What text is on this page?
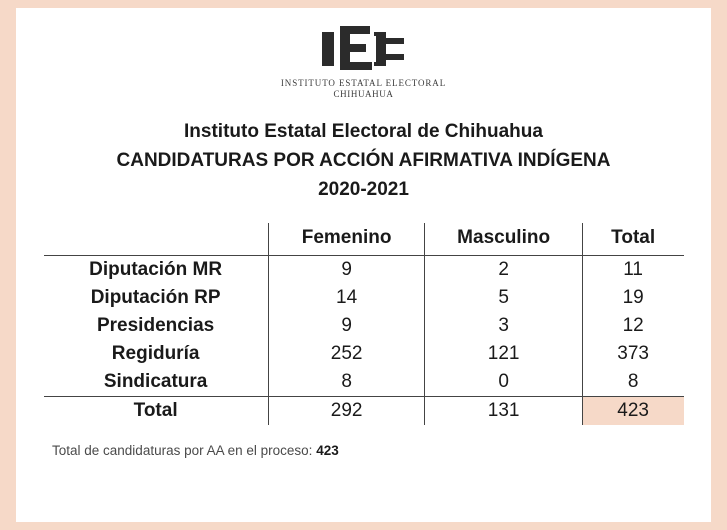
INSTITUTO ESTATAL ELECTORAL
CHIHUAHUA
Instituto Estatal Electoral de Chihuahua
CANDIDATURAS POR ACCIÓN AFIRMATIVA INDÍGENA
2020-2021
	Femenino	Masculino	Total
Diputación MR	9	2	11
Diputación RP	14	5	19
Presidencias	9	3	12
Regiduría	252	121	373
Sindicatura	8	0	8
Total	292	131	423
Total de candidaturas por AA en el proceso: 423
